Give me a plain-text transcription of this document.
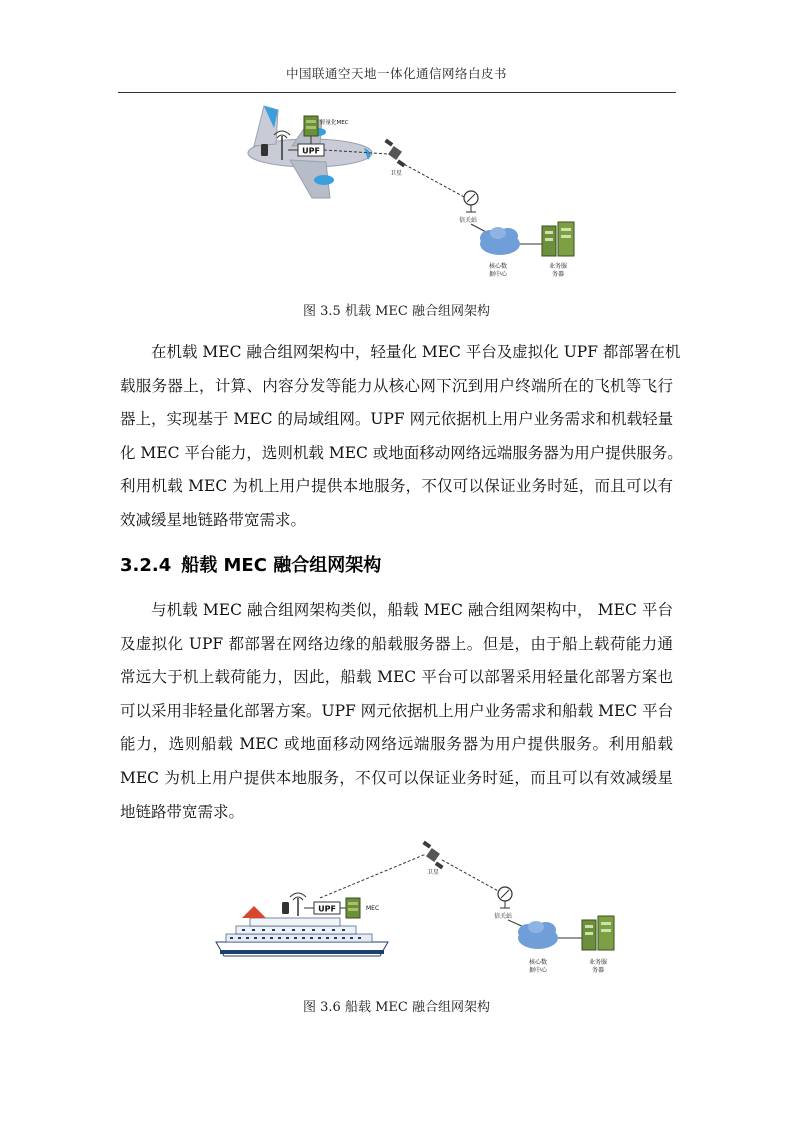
中国联通空天地一体化通信网络白皮书
UPF
轻量化MEC
卫星
信关站
核心数
据中心
业务服
务器
图 3.5 机载 MEC 融合组网架构
在机载 MEC 融合组网架构中，轻量化 MEC 平台及虚拟化 UPF 都部署在机
载服务器上，计算、内容分发等能力从核心网下沉到用户终端所在的飞机等飞行
器上，实现基于 MEC 的局域组网。UPF 网元依据机上用户业务需求和机载轻量
化 MEC 平台能力，选则机载 MEC 或地面移动网络远端服务器为用户提供服务。
利用机载 MEC 为机上用户提供本地服务，不仅可以保证业务时延，而且可以有
效减缓星地链路带宽需求。
3.2.4 船载 MEC 融合组网架构
与机载 MEC 融合组网架构类似，船载 MEC 融合组网架构中， MEC 平台
及虚拟化 UPF 都部署在网络边缘的船载服务器上。但是，由于船上载荷能力通
常远大于机上载荷能力，因此，船载 MEC 平台可以部署采用轻量化部署方案也
可以采用非轻量化部署方案。UPF 网元依据机上用户业务需求和船载 MEC 平台
能力，选则船载 MEC 或地面移动网络远端服务器为用户提供服务。利用船载
MEC 为机上用户提供本地服务，不仅可以保证业务时延，而且可以有效减缓星
地链路带宽需求。
UPF	MEC
卫星
信关站
核心数
据中心
业务服
务器
图 3.6 船载 MEC 融合组网架构
